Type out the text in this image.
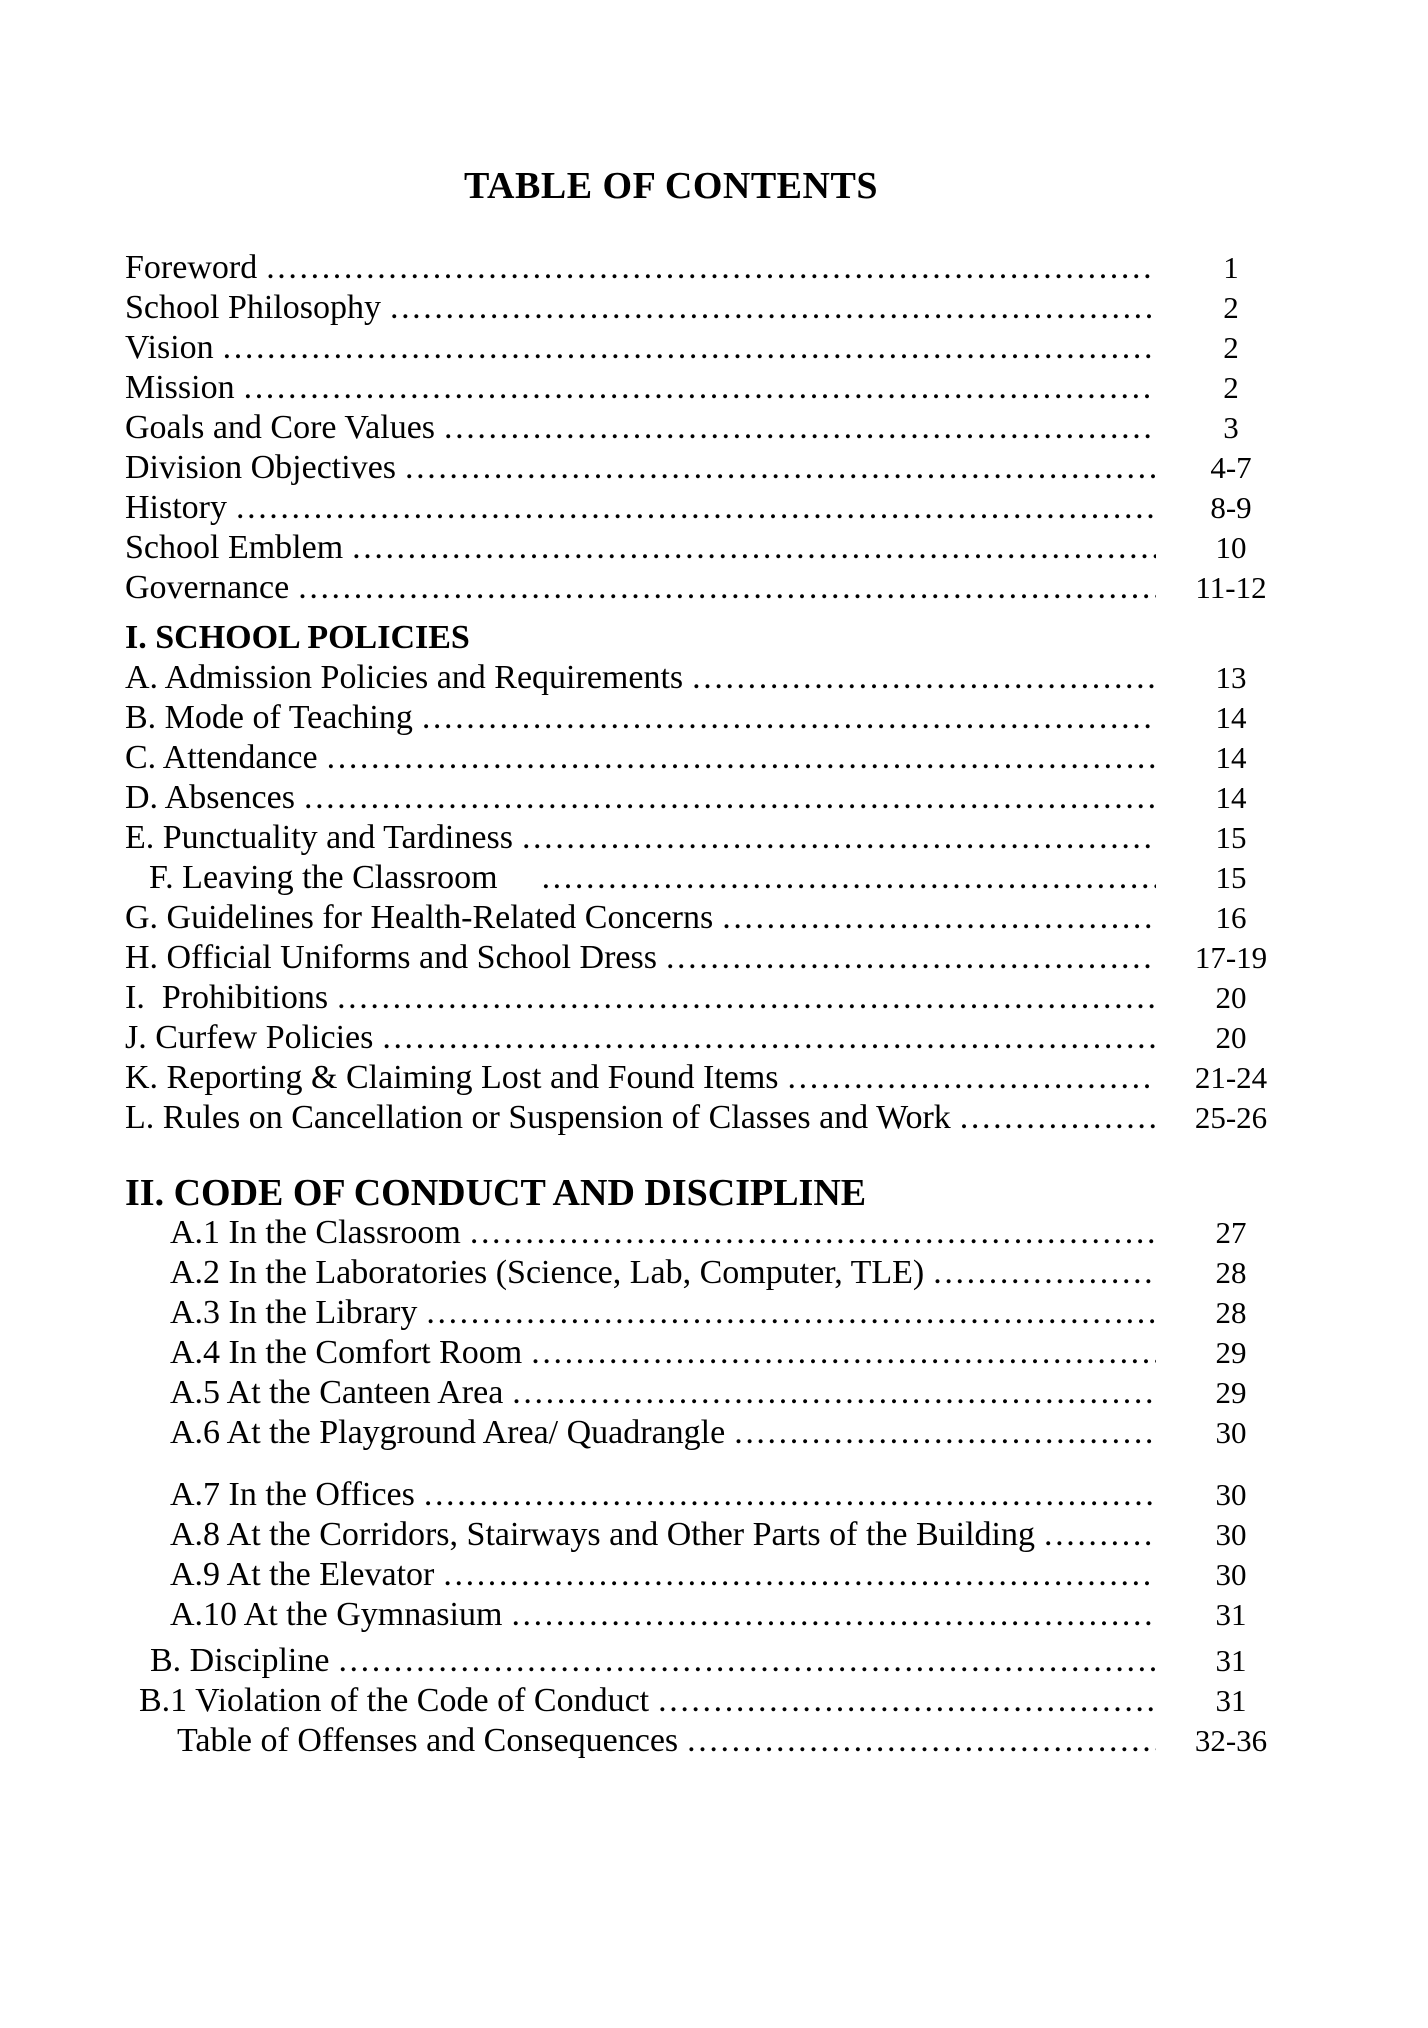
TABLE OF CONTENTS
Foreword .....	1
School Philosophy .....	2
Vision .....	2
Mission .....	2
Goals and Core Values .....	3
Division Objectives .....	4-7
History .....	8-9
School Emblem .....	10
Governance .....	11-12
I. SCHOOL POLICIES
A. Admission Policies and Requirements .....	13
B. Mode of Teaching .....	14
C. Attendance .....	14
D. Absences .....	14
E. Punctuality and Tardiness .....	15
F. Leaving the Classroom .....	15
G. Guidelines for Health-Related Concerns .....	16
H. Official Uniforms and School Dress .....	17-19
I.  Prohibitions .....	20
J. Curfew Policies .....	20
K. Reporting & Claiming Lost and Found Items .....	21-24
L. Rules on Cancellation or Suspension of Classes and Work .....	25-26
II. CODE OF CONDUCT AND DISCIPLINE
A.1 In the Classroom .....	27
A.2 In the Laboratories (Science, Lab, Computer, TLE) .....	28
A.3 In the Library .....	28
A.4 In the Comfort Room .....	29
A.5 At the Canteen Area .....	29
A.6 At the Playground Area/ Quadrangle .....	30
A.7 In the Offices .....	30
A.8 At the Corridors, Stairways and Other Parts of the Building .....	30
A.9 At the Elevator .....	30
A.10 At the Gymnasium .....	31
B. Discipline .....	31
B.1 Violation of the Code of Conduct .....	31
Table of Offenses and Consequences .....	32-36
